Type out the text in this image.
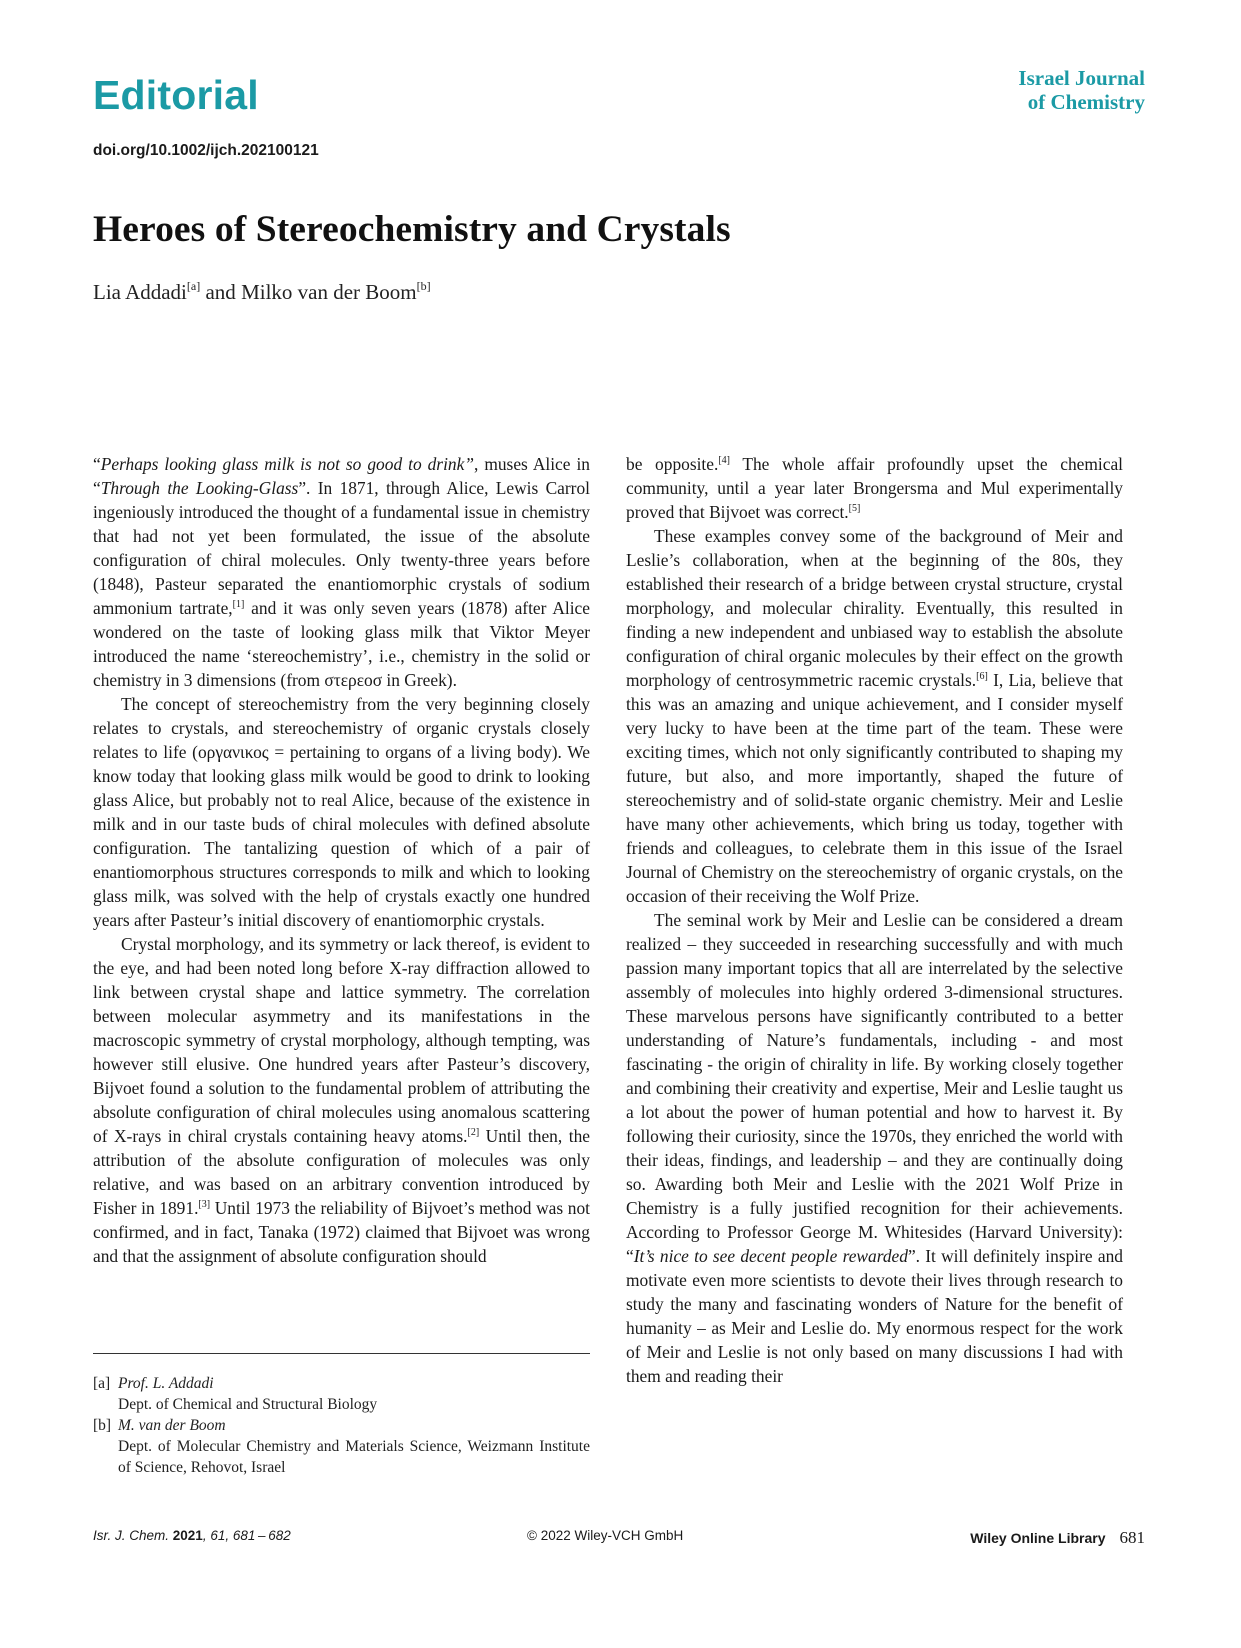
Editorial	Israel Journal
of Chemistry
doi.org/10.1002/ijch.202100121
Heroes of Stereochemistry and Crystals
Lia Addadi[a] and Milko van der Boom[b]

“Perhaps looking glass milk is not so good to drink”, muses Alice in “Through the Looking-Glass”. In 1871, through Alice, Lewis Carrol ingeniously introduced the thought of a fundamental issue in chemistry that had not yet been formulated, the issue of the absolute configuration of chiral molecules. Only twenty-three years before (1848), Pasteur separated the enantiomorphic crystals of sodium ammonium tartrate,[1] and it was only seven years (1878) after Alice wondered on the taste of looking glass milk that Viktor Meyer introduced the name ‘stereochemistry’, i.e., chemistry in the solid or chemistry in 3 dimensions (from στερεοσ in Greek).

The concept of stereochemistry from the very beginning closely relates to crystals, and stereochemistry of organic crystals closely relates to life (οργανικος = pertaining to organs of a living body). We know today that looking glass milk would be good to drink to looking glass Alice, but probably not to real Alice, because of the existence in milk and in our taste buds of chiral molecules with defined absolute configuration. The tantalizing question of which of a pair of enantiomorphous structures corresponds to milk and which to looking glass milk, was solved with the help of crystals exactly one hundred years after Pasteur’s initial discovery of enantiomorphic crystals.

Crystal morphology, and its symmetry or lack thereof, is evident to the eye, and had been noted long before X-ray diffraction allowed to link between crystal shape and lattice symmetry. The correlation between molecular asymmetry and its manifestations in the macroscopic symmetry of crystal morphology, although tempting, was however still elusive. One hundred years after Pasteur’s discovery, Bijvoet found a solution to the fundamental problem of attributing the absolute configuration of chiral molecules using anomalous scattering of X-rays in chiral crystals containing heavy atoms.[2] Until then, the attribution of the absolute configuration of molecules was only relative, and was based on an arbitrary convention introduced by Fisher in 1891.[3] Until 1973 the reliability of Bijvoet’s method was not confirmed, and in fact, Tanaka (1972) claimed that Bijvoet was wrong and that the assignment of absolute configuration should

[a] Prof. L. Addadi
Dept. of Chemical and Structural Biology
[b] M. van der Boom
Dept. of Molecular Chemistry and Materials Science, Weizmann Institute of Science, Rehovot, Israel

be opposite.[4] The whole affair profoundly upset the chemical community, until a year later Brongersma and Mul experimentally proved that Bijvoet was correct.[5]

These examples convey some of the background of Meir and Leslie’s collaboration, when at the beginning of the 80s, they established their research of a bridge between crystal structure, crystal morphology, and molecular chirality. Eventually, this resulted in finding a new independent and unbiased way to establish the absolute configuration of chiral organic molecules by their effect on the growth morphology of centrosymmetric racemic crystals.[6] I, Lia, believe that this was an amazing and unique achievement, and I consider myself very lucky to have been at the time part of the team. These were exciting times, which not only significantly contributed to shaping my future, but also, and more importantly, shaped the future of stereochemistry and of solid-state organic chemistry. Meir and Leslie have many other achievements, which bring us today, together with friends and colleagues, to celebrate them in this issue of the Israel Journal of Chemistry on the stereochemistry of organic crystals, on the occasion of their receiving the Wolf Prize.

The seminal work by Meir and Leslie can be considered a dream realized – they succeeded in researching successfully and with much passion many important topics that all are interrelated by the selective assembly of molecules into highly ordered 3-dimensional structures. These marvelous persons have significantly contributed to a better understanding of Nature’s fundamentals, including - and most fascinating - the origin of chirality in life. By working closely together and combining their creativity and expertise, Meir and Leslie taught us a lot about the power of human potential and how to harvest it. By following their curiosity, since the 1970s, they enriched the world with their ideas, findings, and leadership – and they are continually doing so. Awarding both Meir and Leslie with the 2021 Wolf Prize in Chemistry is a fully justified recognition for their achievements. According to Professor George M. Whitesides (Harvard University): “It’s nice to see decent people rewarded”. It will definitely inspire and motivate even more scientists to devote their lives through research to study the many and fascinating wonders of Nature for the benefit of humanity – as Meir and Leslie do. My enormous respect for the work of Meir and Leslie is not only based on many discussions I had with them and reading their

Isr. J. Chem. 2021, 61, 681 – 682	© 2022 Wiley-VCH GmbH	Wiley Online Library 681
